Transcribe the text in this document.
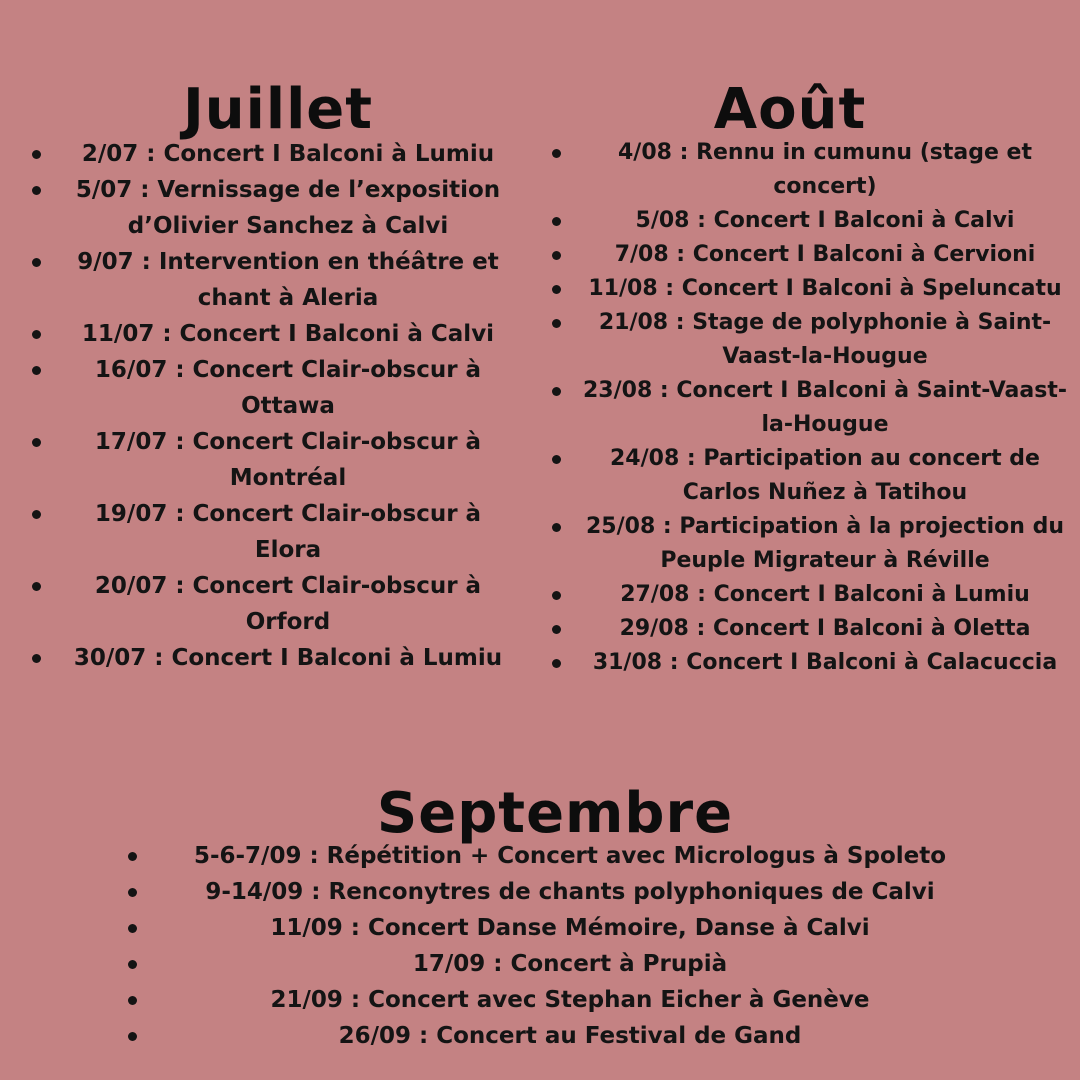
Juillet
2/07 : Concert I Balconi à Lumiu
5/07 : Vernissage de l’exposition d’Olivier Sanchez à Calvi
9/07 : Intervention en théâtre et chant à Aleria
11/07 : Concert I Balconi à Calvi
16/07 : Concert Clair-obscur à Ottawa
17/07 : Concert Clair-obscur à Montréal
19/07 : Concert Clair-obscur à Elora
20/07 : Concert Clair-obscur à Orford
30/07 : Concert I Balconi à Lumiu
Août
4/08 : Rennu in cumunu (stage et concert)
5/08 : Concert I Balconi à Calvi
7/08 : Concert I Balconi à Cervioni
11/08 : Concert I Balconi à Speluncatu
21/08 : Stage de polyphonie à Saint-Vaast-la-Hougue
23/08 : Concert I Balconi à Saint-Vaast-la-Hougue
24/08 : Participation au concert de Carlos Nuñez à Tatihou
25/08 : Participation à la projection du Peuple Migrateur à Réville
27/08 : Concert I Balconi à Lumiu
29/08 : Concert I Balconi à Oletta
31/08 : Concert I Balconi à Calacuccia
Septembre
5-6-7/09 : Répétition + Concert avec Micrologus à Spoleto
9-14/09 : Renconytres de chants polyphoniques de Calvi
11/09 : Concert Danse Mémoire, Danse à Calvi
17/09 : Concert à Prupià
21/09 : Concert avec Stephan Eicher à Genève
26/09 : Concert au Festival de Gand
